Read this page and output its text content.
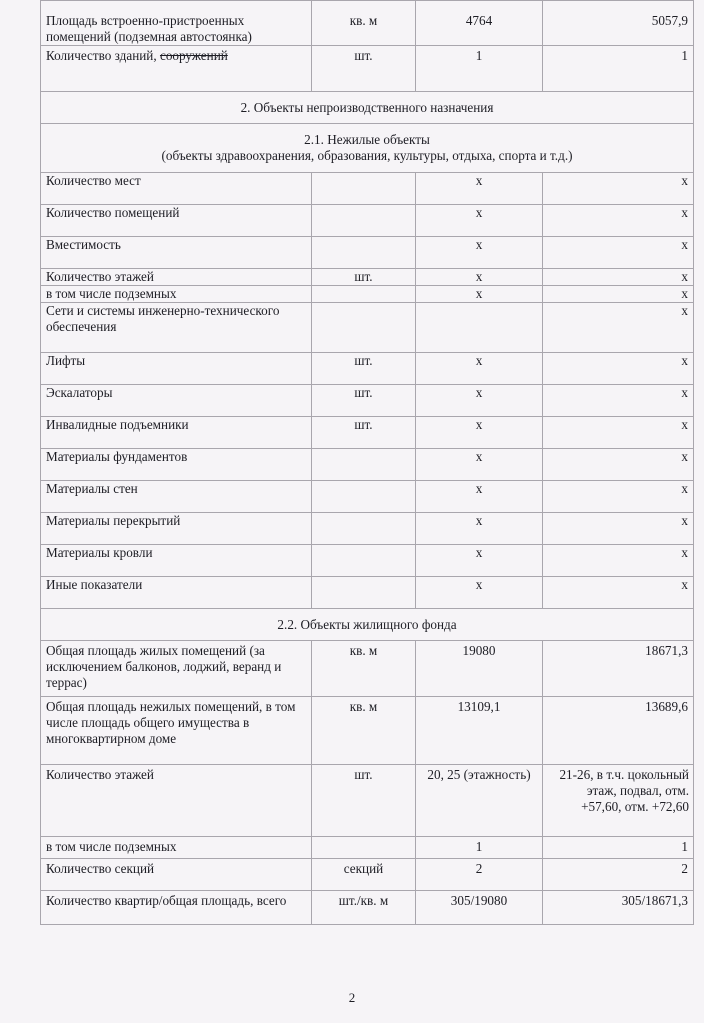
Площадь встроенно-пристроенных помещений (подземная автостоянка)	кв. м	4764	5057,9
Количество зданий, сооружений	шт.	1	1
2. Объекты непроизводственного назначения			

2.1. Нежилые объекты
(объекты здравоохранения, образования, культуры, отдыха, спорта и т.д.)			

Количество мест		x	x
Количество помещений		x	x
Вместимость		x	x
Количество этажей	шт.	x	x
в том числе подземных		x	x
Сети и системы инженерно-технического обеспечения			x
Лифты	шт.	x	x
Эскалаторы	шт.	x	x
Инвалидные подъемники	шт.	x	x
Материалы фундаментов		x	x
Материалы стен		x	x
Материалы перекрытий		x	x
Материалы кровли		x	x
Иные показатели		x	x
2.2. Объекты жилищного фонда			
Общая площадь жилых помещений (за исключением балконов, лоджий, веранд и террас)	кв. м	19080	18671,3
Общая площадь нежилых помещений, в том числе площадь общего имущества в многоквартирном доме	кв. м	13109,1	13689,6
Количество этажей	шт.	20, 25 (этажность)	21-26, в т.ч. цокольный этаж, подвал, отм. +57,60, отм. +72,60
в том числе подземных		1	1
Количество секций	секций	2	2
Количество квартир/общая площадь, всего	шт./кв. м	305/19080	305/18671,3
2
